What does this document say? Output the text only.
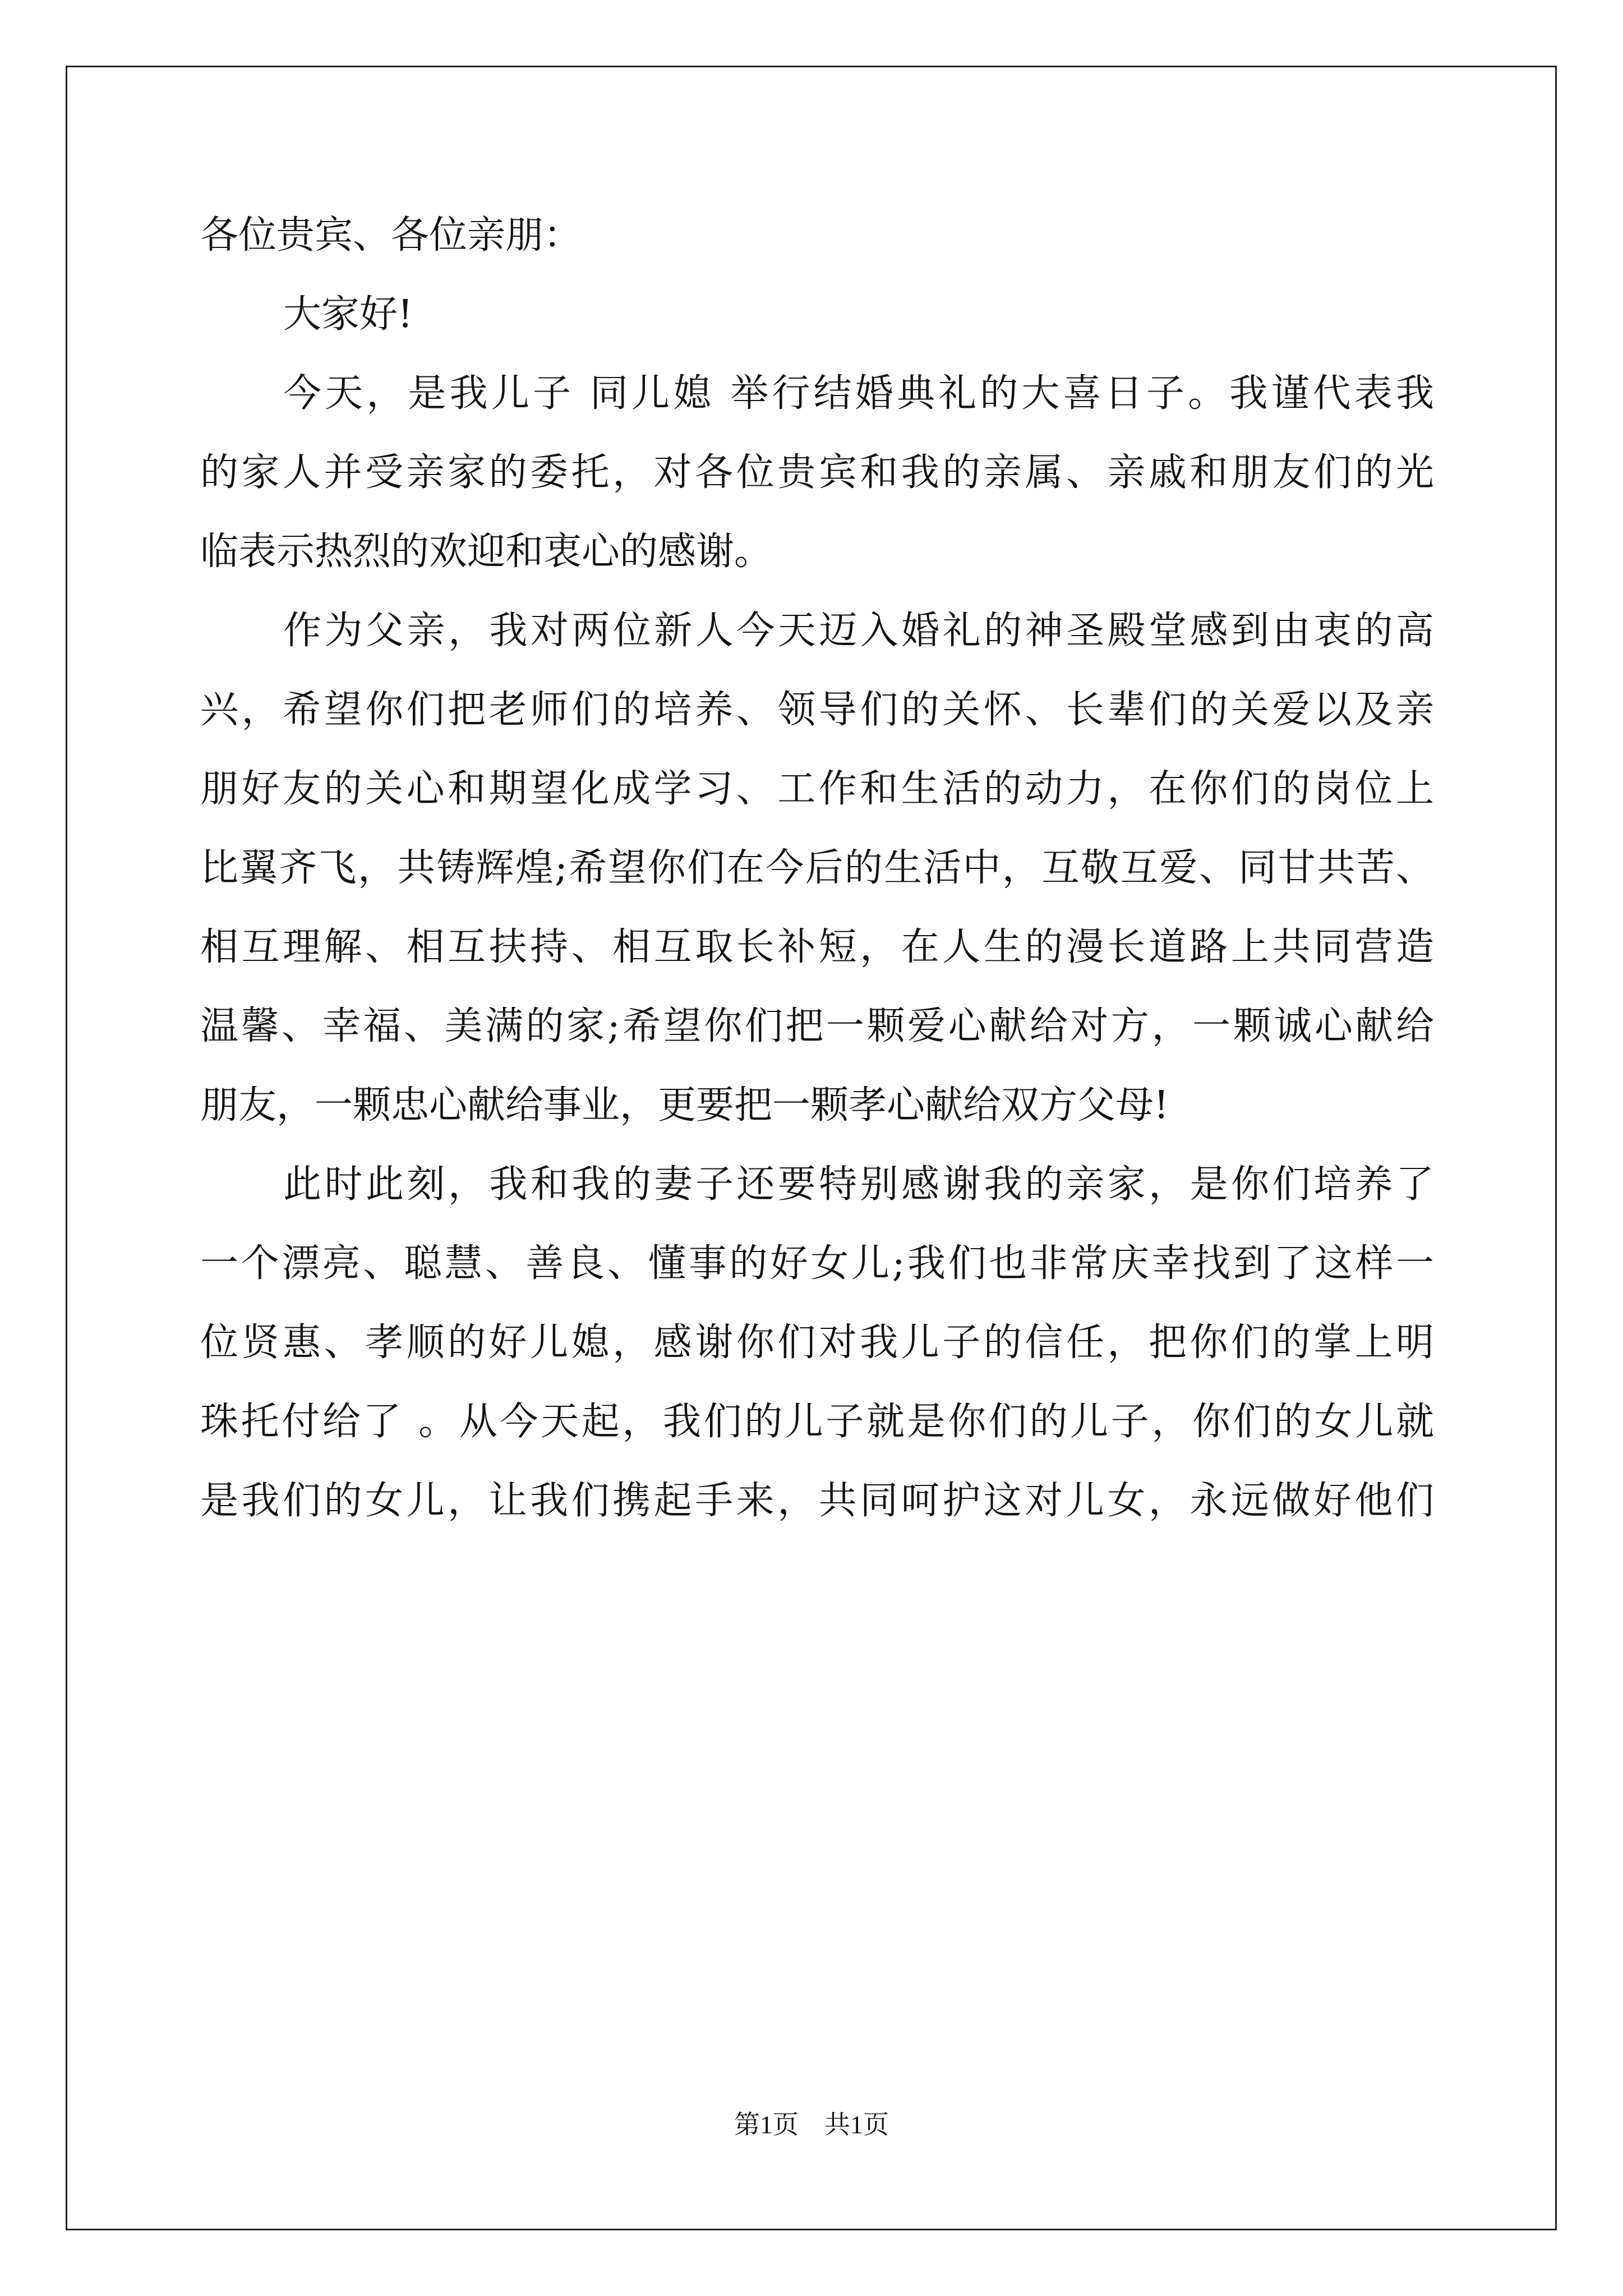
各位贵宾、各位亲朋：
大家好!
今天，是我儿子 同儿媳 举行结婚典礼的大喜日子。我谨代表我
的家人并受亲家的委托，对各位贵宾和我的亲属、亲戚和朋友们的光
临表示热烈的欢迎和衷心的感谢。
作为父亲，我对两位新人今天迈入婚礼的神圣殿堂感到由衷的高
兴，希望你们把老师们的培养、领导们的关怀、长辈们的关爱以及亲
朋好友的关心和期望化成学习、工作和生活的动力，在你们的岗位上
比翼齐飞，共铸辉煌;希望你们在今后的生活中，互敬互爱、同甘共苦、
相互理解、相互扶持、相互取长补短，在人生的漫长道路上共同营造
温馨、幸福、美满的家;希望你们把一颗爱心献给对方，一颗诚心献给
朋友，一颗忠心献给事业，更要把一颗孝心献给双方父母!
此时此刻，我和我的妻子还要特别感谢我的亲家，是你们培养了
一个漂亮、聪慧、善良、懂事的好女儿;我们也非常庆幸找到了这样一
位贤惠、孝顺的好儿媳，感谢你们对我儿子的信任，把你们的掌上明
珠托付给了 。从今天起，我们的儿子就是你们的儿子，你们的女儿就
是我们的女儿，让我们携起手来，共同呵护这对儿女，永远做好他们
第1页 共1页
